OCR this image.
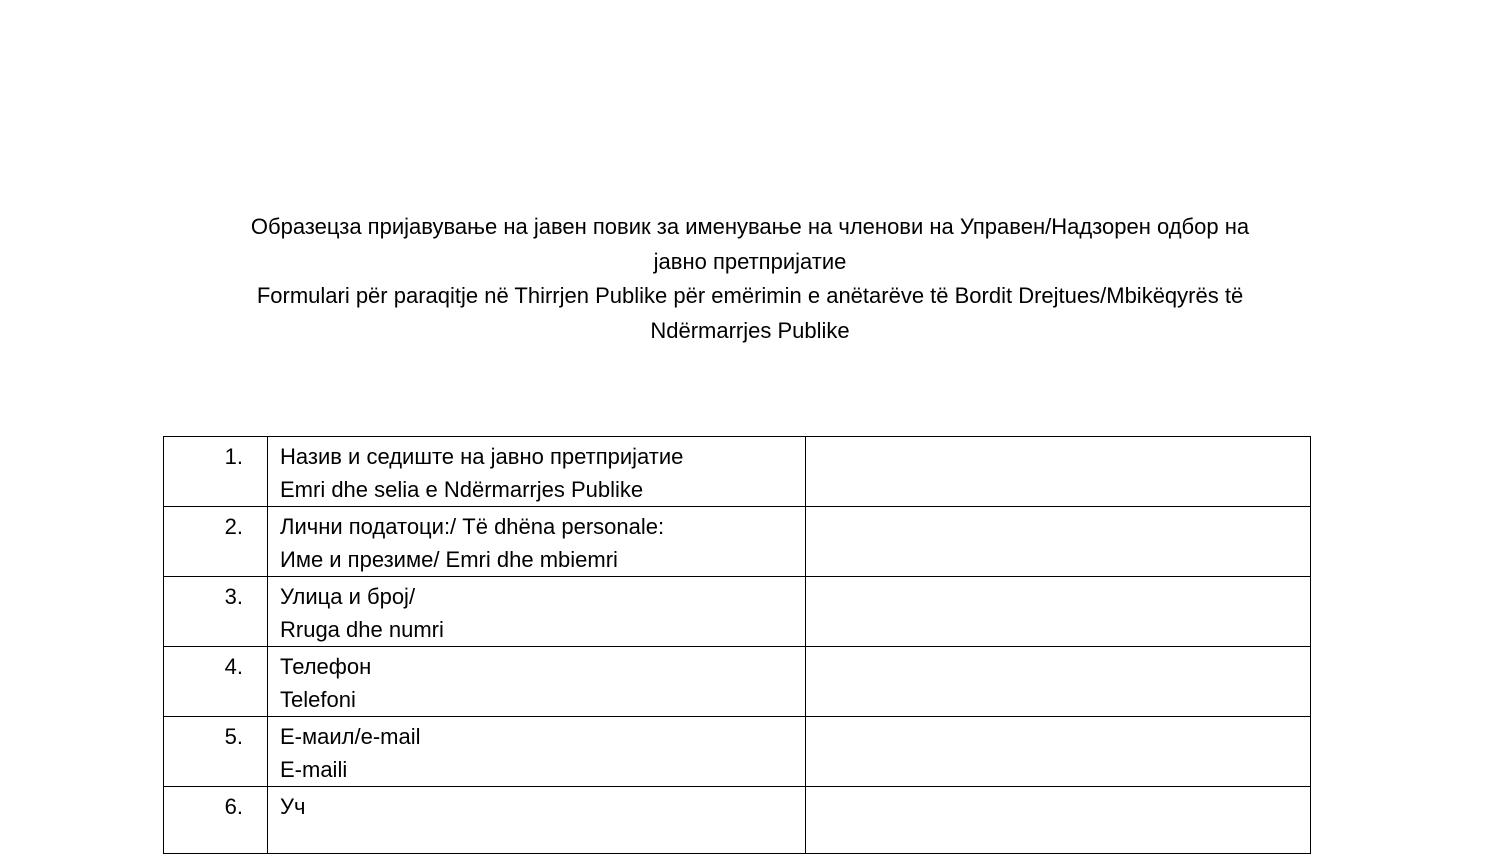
Образецза пријавување на јавен повик за именување на членови на Управен/Надзорен одбор на
јавно претпријатие
Formulari për paraqitje në Thirrjen Publike për emërimin e anëtarëve të Bordit Drejtues/Mbikëqyrës të
Ndërmarrjes Publike
1.	Назив и седиште на јавно претпријатие
Emri dhe selia e Ndërmarrjes Publike	

2.	Лични податоци:/ Të dhëna personale:
Име и презиме/ Emri dhe mbiemri	

3.	Улица и број/
Rruga dhe numri	

4.	Телефон
Telefoni	

5.	Е-маил/e-mail
E-maili	

6.	Уч	
